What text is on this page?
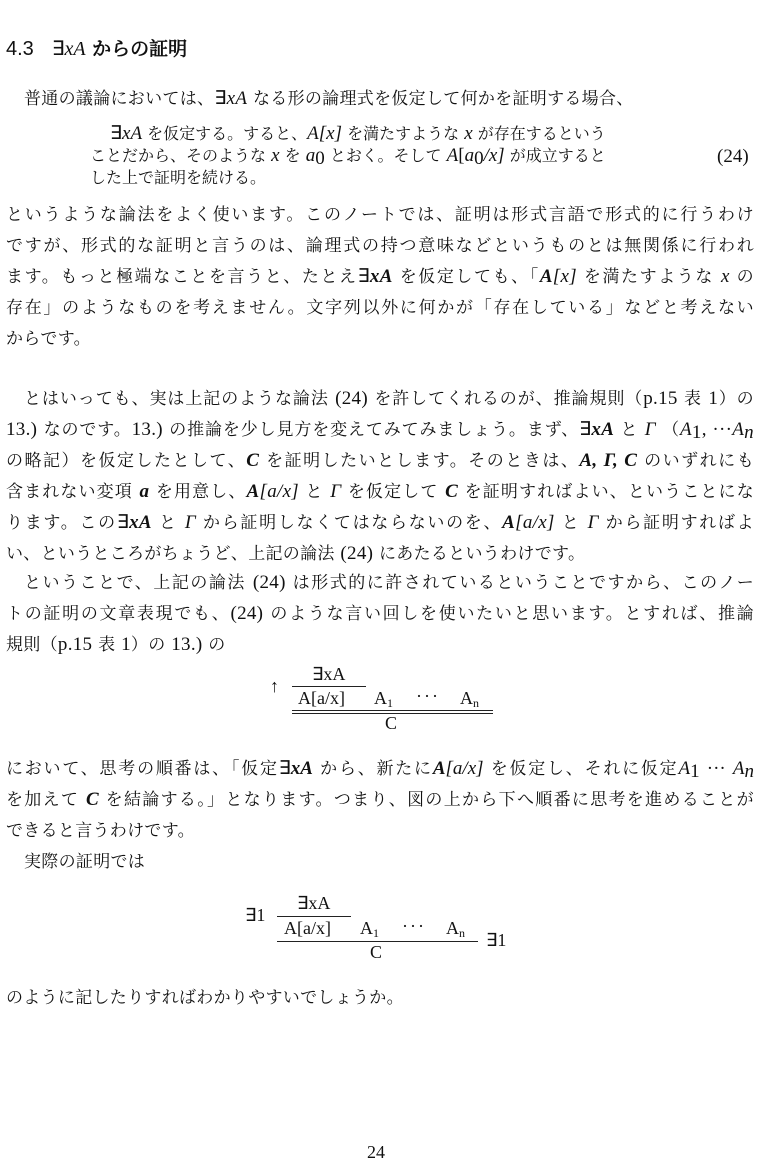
4.3 ∃xA からの証明
普通の議論においては、∃xA なる形の論理式を仮定して何かを証明する場合、
∃xA を仮定する。すると、A[x] を満たすような x が存在するという
ことだから、そのような x を $a_0$ とおく。そして $A[a_0/x]$ が成立すると
した上で証明を続ける。
(24)
というような論法をよく使います。このノートでは、証明は形式言語で形式的に行うわけ
ですが、形式的な証明と言うのは、論理式の持つ意味などというものとは無関係に行われ
ます。もっと極端なことを言うと、たとえ∃xA を仮定しても、「A[x] を満たすような x の
存在」のようなものを考えません。文字列以外に何かが「存在している」などと考えない
からです。
とはいっても、実は上記のような論法 (24) を許してくれるのが、推論規則（p.15 表 1）の
13.) なのです。13.) の推論を少し見方を変えてみてみましょう。まず、∃xA と Γ （$A_1$, $\cdot\cdot\cdot A_n$
の略記）を仮定したとして、C を証明したいとします。そのときは、A, Γ, C のいずれにも
含まれない変項 a を用意し、A[a/x] と Γ を仮定して C を証明すればよい、ということにな
ります。この∃xA と Γ から証明しなくてはならないのを、A[a/x] と Γ から証明すればよ
い、というところがちょうど、上記の論法 (24) にあたるというわけです。
ということで、上記の論法 (24) は形式的に許されているということですから、このノー
トの証明の文章表現でも、(24) のような言い回しを使いたいと思います。とすれば、推論
規則（p.15 表 1）の 13.) の
↑
∃xA
A[a/x] $A_1$ ··· $A_n$
C
において、思考の順番は、「仮定∃xA から、新たにA[a/x] を仮定し、それに仮定$A_1$ ··· $A_n$
を加えて C を結論する。」となります。つまり、図の上から下へ順番に思考を進めることが
できると言うわけです。
実際の証明では
∃1
∃xA
A[a/x] $A_1$ ··· $A_n$
C
∃1
のように記したりすればわかりやすいでしょうか。
24
